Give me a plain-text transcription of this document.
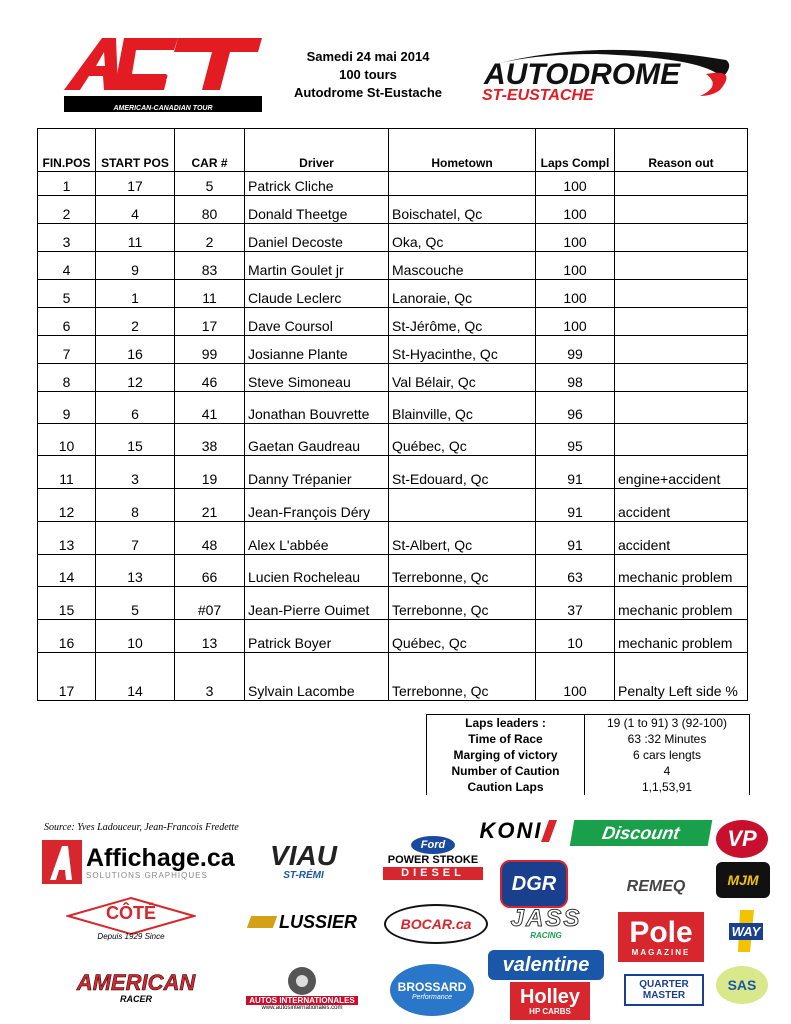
AMERICAN-CANADIAN TOUR
Samedi 24 mai 2014
100 tours
Autodrome St-Eustache
AUTODROME
ST-EUSTACHE
FIN.POS	START POS	CAR #	Driver	Hometown	Laps Compl	Reason out
1	17	5	Patrick Cliche		100	
2	4	80	Donald Theetge	Boischatel, Qc	100	
3	11	2	Daniel Decoste	Oka, Qc	100	
4	9	83	Martin Goulet jr	Mascouche	100	
5	1	11	Claude Leclerc	Lanoraie, Qc	100	
6	2	17	Dave Coursol	St-Jérôme, Qc	100	
7	16	99	Josianne Plante	St-Hyacinthe, Qc	99	
8	12	46	Steve Simoneau	Val Bélair, Qc	98	
9	6	41	Jonathan Bouvrette	Blainville, Qc	96	
10	15	38	Gaetan Gaudreau	Québec, Qc	95	
11	3	19	Danny Trépanier	St-Edouard, Qc	91	engine+accident
12	8	21	Jean-François Déry		91	accident
13	7	48	Alex L'abbée	St-Albert, Qc	91	accident
14	13	66	Lucien Rocheleau	Terrebonne, Qc	63	mechanic problem
15	5	#07	Jean-Pierre Ouimet	Terrebonne, Qc	37	mechanic problem
16	10	13	Patrick Boyer	Québec, Qc	10	mechanic problem
17	14	3	Sylvain Lacombe	Terrebonne, Qc	100	Penalty Left side %
Laps leaders :	19 (1 to 91) 3 (92-100)
Time of Race	63 :32 Minutes
Marging of victory	6 cars lengts
Number of Caution	4
Caution Laps	1,1,53,91
Source: Yves Ladouceur, Jean-Francois Fredette
Affichage.ca
SOLUTIONS GRAPHIQUES
VIAU
ST-RÉMI
Ford
POWER STROKE
DIESEL
KONI	Discount VP
DGR	REMEQ	MJM
CÔTÉ
Depuis 1929 Since
LUSSIER	BOCAR.ca JASS
RACING Pole
MAGAZINE
WAY
valentine
AMERICAN
RACER	AUTOS INTERNATIONALES
www.autosinternationales.com
BROSSARD
Performance	Holley
HP CARBS
QUARTER MASTER
SAS
